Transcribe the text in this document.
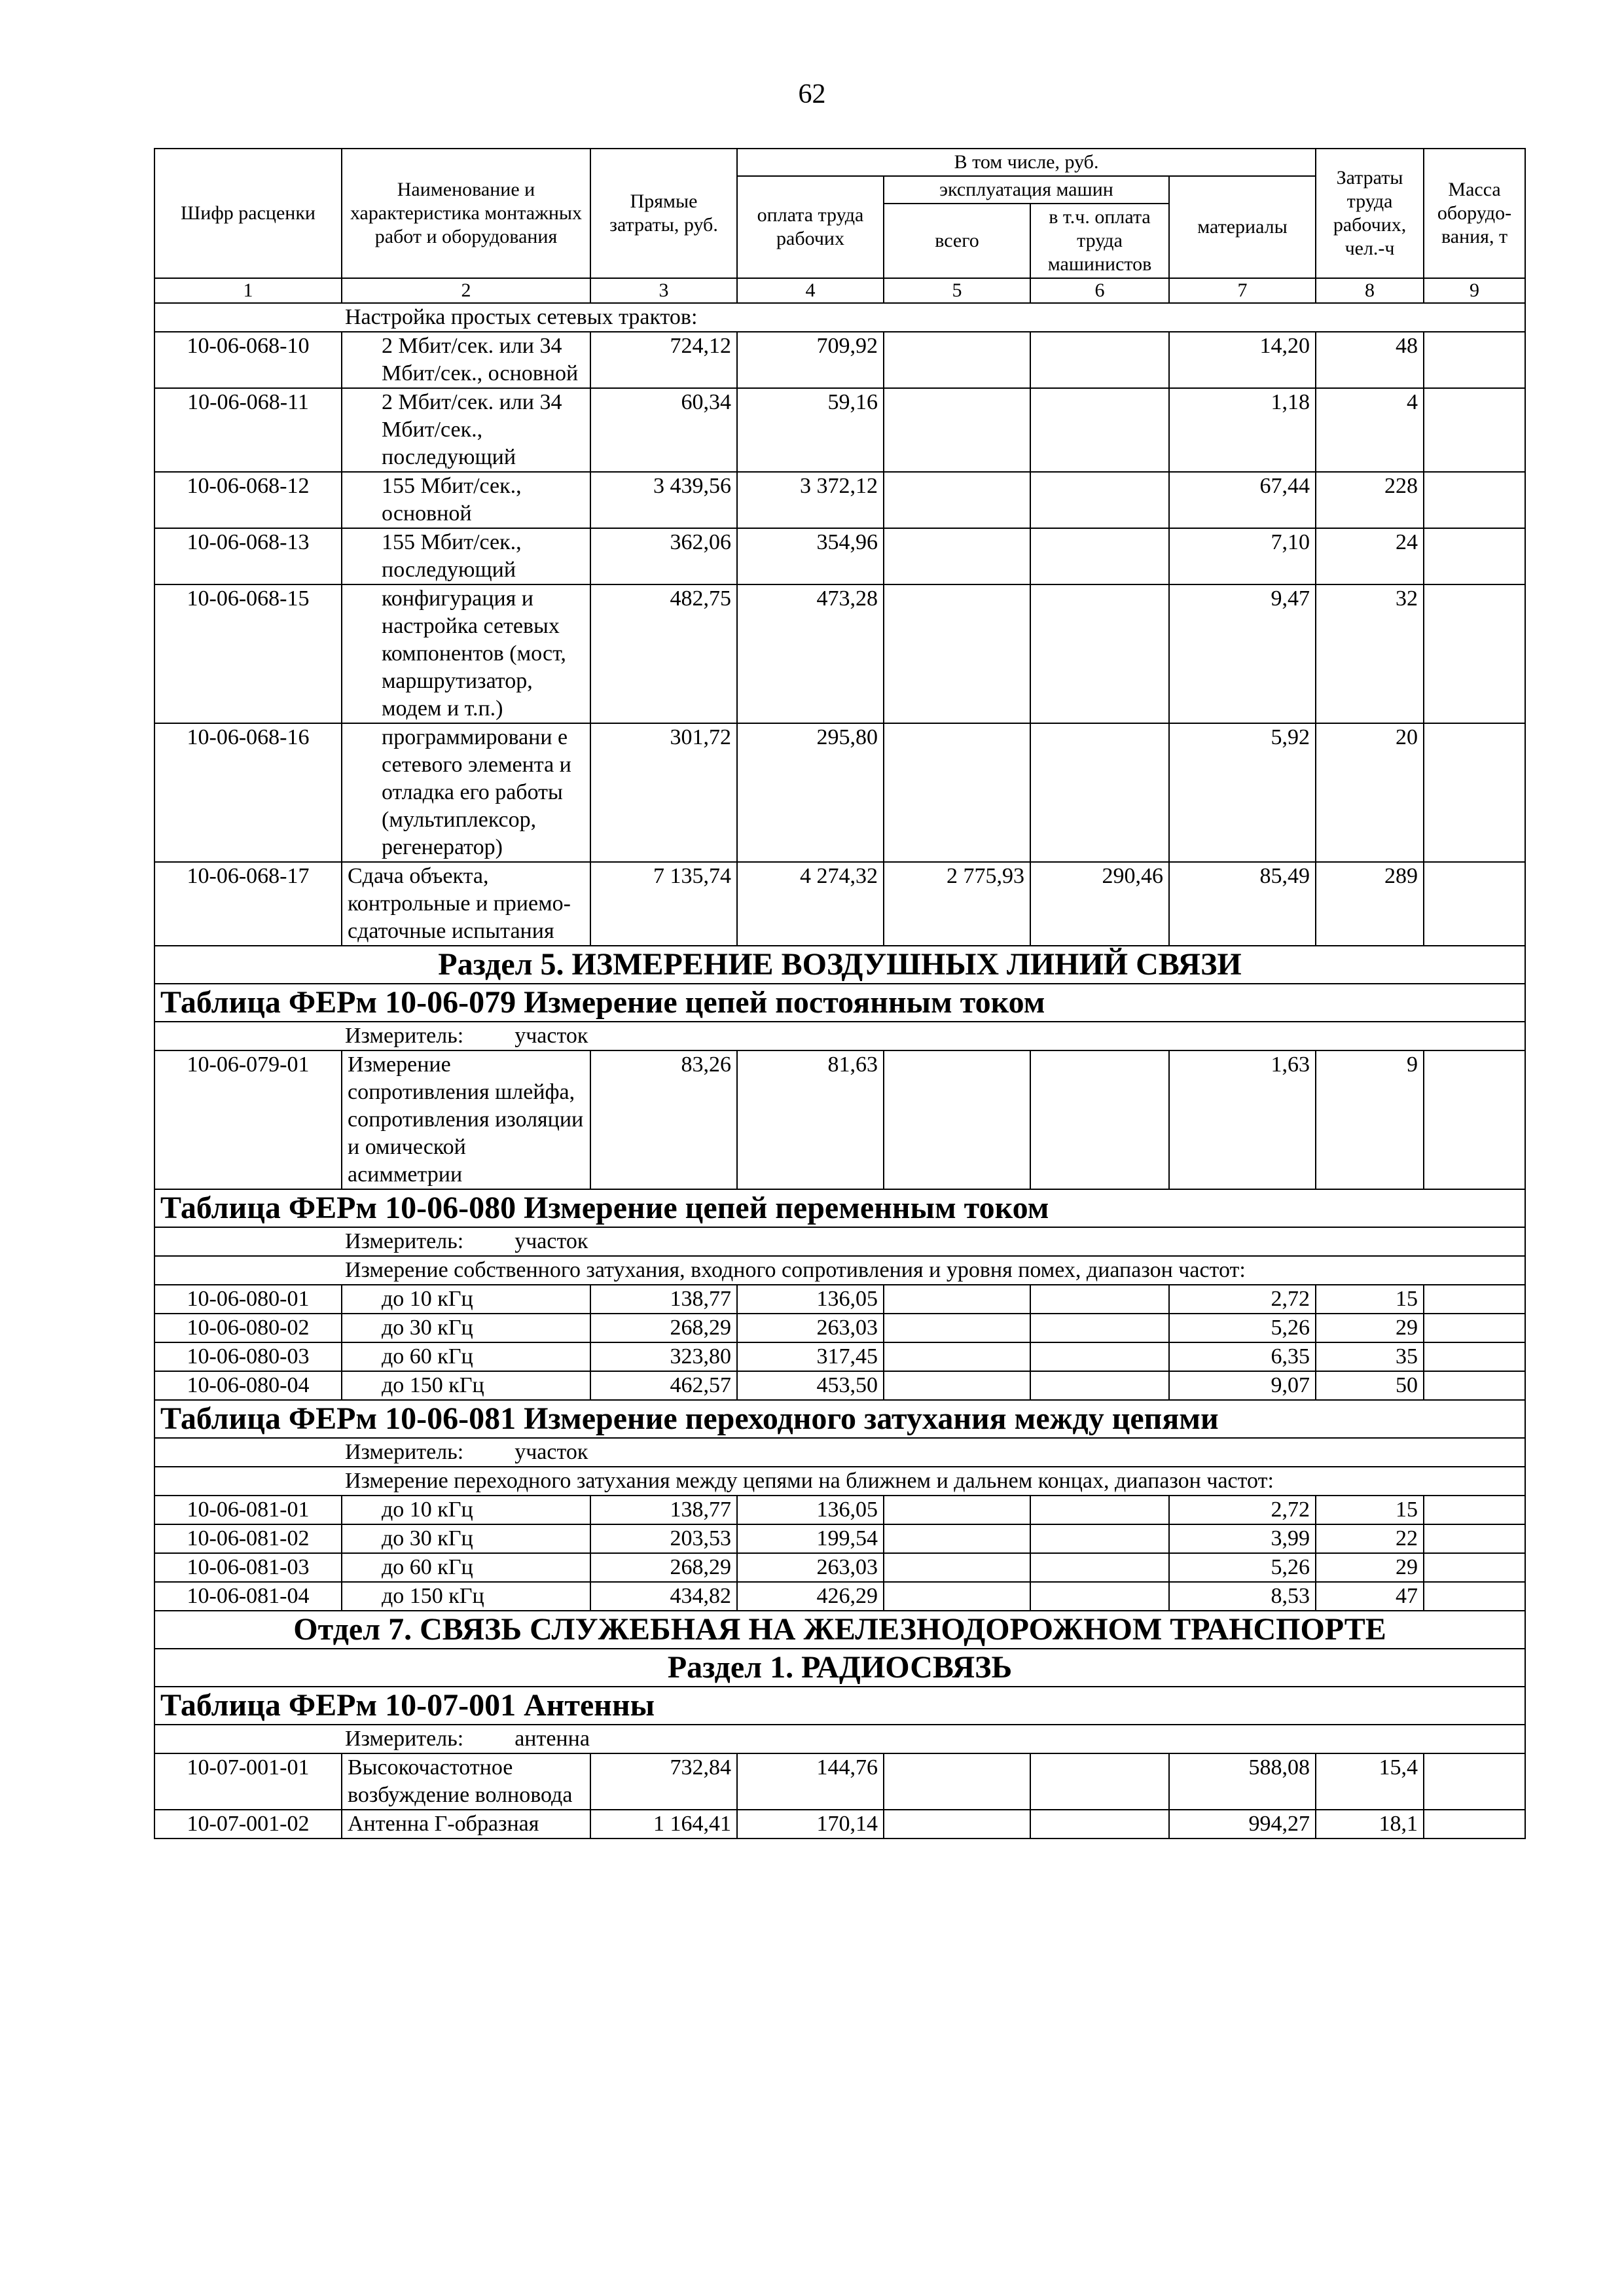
62
Шифр расценки	Наименование и характеристика монтажных работ и оборудования	Прямые затраты, руб.	В том числе, руб.				Затраты труда рабочих, чел.-ч	Масса оборудо-вания, т
			оплата труда рабочих	эксплуатация машин		материалы		
				всего	в т.ч. оплата труда машинистов			
1	2	3	4	5	6	7	8	9
Настройка простых сетевых трактов:								
10-06-068-10	2 Мбит/сек. или 34 Мбит/сек., основной	724,12	709,92			14,20	48	
10-06-068-11	2 Мбит/сек. или 34 Мбит/сек., последующий	60,34	59,16			1,18	4	
10-06-068-12	155 Мбит/сек., основной	3 439,56	3 372,12			67,44	228	
10-06-068-13	155 Мбит/сек., последующий	362,06	354,96			7,10	24	
10-06-068-15	конфигурация и настройка сетевых компонентов (мост, маршрутизатор, модем и т.п.)	482,75	473,28			9,47	32	
10-06-068-16	программировани е сетевого элемента и отладка его работы (мультиплексор, регенератор)	301,72	295,80			5,92	20	
10-06-068-17	Сдача объекта, контрольные и приемо-сдаточные испытания	7 135,74	4 274,32	2 775,93	290,46	85,49	289	
Раздел 5. ИЗМЕРЕНИЕ ВОЗДУШНЫХ ЛИНИЙ СВЯЗИ								
Таблица ФЕРм 10-06-079 Измерение цепей постоянным током								
Измеритель: участок								
10-06-079-01	Измерение сопротивления шлейфа, сопротивления изоляции и омической асимметрии	83,26	81,63			1,63	9	
Таблица ФЕРм 10-06-080 Измерение цепей переменным током								
Измеритель: участок								
Измерение собственного затухания, входного сопротивления и уровня помех, диапазон частот:								
10-06-080-01	до 10 кГц	138,77	136,05			2,72	15	
10-06-080-02	до 30 кГц	268,29	263,03			5,26	29	
10-06-080-03	до 60 кГц	323,80	317,45			6,35	35	
10-06-080-04	до 150 кГц	462,57	453,50			9,07	50	
Таблица ФЕРм 10-06-081 Измерение переходного затухания между цепями								
Измеритель: участок								
Измерение переходного затухания между цепями на ближнем и дальнем концах, диапазон частот:								
10-06-081-01	до 10 кГц	138,77	136,05			2,72	15	
10-06-081-02	до 30 кГц	203,53	199,54			3,99	22	
10-06-081-03	до 60 кГц	268,29	263,03			5,26	29	
10-06-081-04	до 150 кГц	434,82	426,29			8,53	47	
Отдел 7. СВЯЗЬ СЛУЖЕБНАЯ НА ЖЕЛЕЗНОДОРОЖНОМ ТРАНСПОРТЕ								
Раздел 1. РАДИОСВЯЗЬ								
Таблица ФЕРм 10-07-001 Антенны								
Измеритель: антенна								
10-07-001-01	Высокочастотное возбуждение волновода	732,84	144,76			588,08	15,4	
10-07-001-02	Антенна Г-образная	1 164,41	170,14			994,27	18,1	
